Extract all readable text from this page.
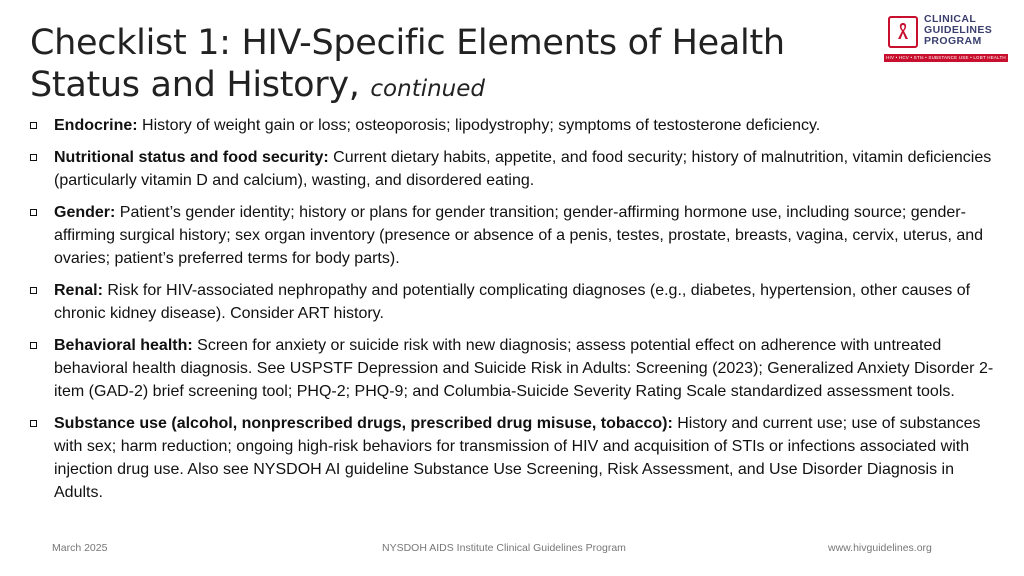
Checklist 1: HIV-Specific Elements of Health Status and History, continued
CLINICAL
GUIDELINES
PROGRAM
HIV • HCV • STIs • SUBSTANCE USE • LGBT HEALTH
Endocrine: History of weight gain or loss; osteoporosis; lipodystrophy; symptoms of testosterone deficiency.
Nutritional status and food security: Current dietary habits, appetite, and food security; history of malnutrition, vitamin deficiencies (particularly vitamin D and calcium), wasting, and disordered eating.
Gender: Patient’s gender identity; history or plans for gender transition; gender-affirming hormone use, including source; gender-affirming surgical history; sex organ inventory (presence or absence of a penis, testes, prostate, breasts, vagina, cervix, uterus, and ovaries; patient’s preferred terms for body parts).
Renal: Risk for HIV-associated nephropathy and potentially complicating diagnoses (e.g., diabetes, hypertension, other causes of chronic kidney disease). Consider ART history.
Behavioral health: Screen for anxiety or suicide risk with new diagnosis; assess potential effect on adherence with untreated behavioral health diagnosis. See USPSTF Depression and Suicide Risk in Adults: Screening (2023); Generalized Anxiety Disorder 2-item (GAD-2) brief screening tool; PHQ-2; PHQ-9; and Columbia-Suicide Severity Rating Scale standardized assessment tools.
Substance use (alcohol, nonprescribed drugs, prescribed drug misuse, tobacco): History and current use; use of substances with sex; harm reduction; ongoing high-risk behaviors for transmission of HIV and acquisition of STIs or infections associated with injection drug use. Also see NYSDOH AI guideline Substance Use Screening, Risk Assessment, and Use Disorder Diagnosis in Adults.
March 2025	NYSDOH AIDS Institute Clinical Guidelines Program	www.hivguidelines.org
